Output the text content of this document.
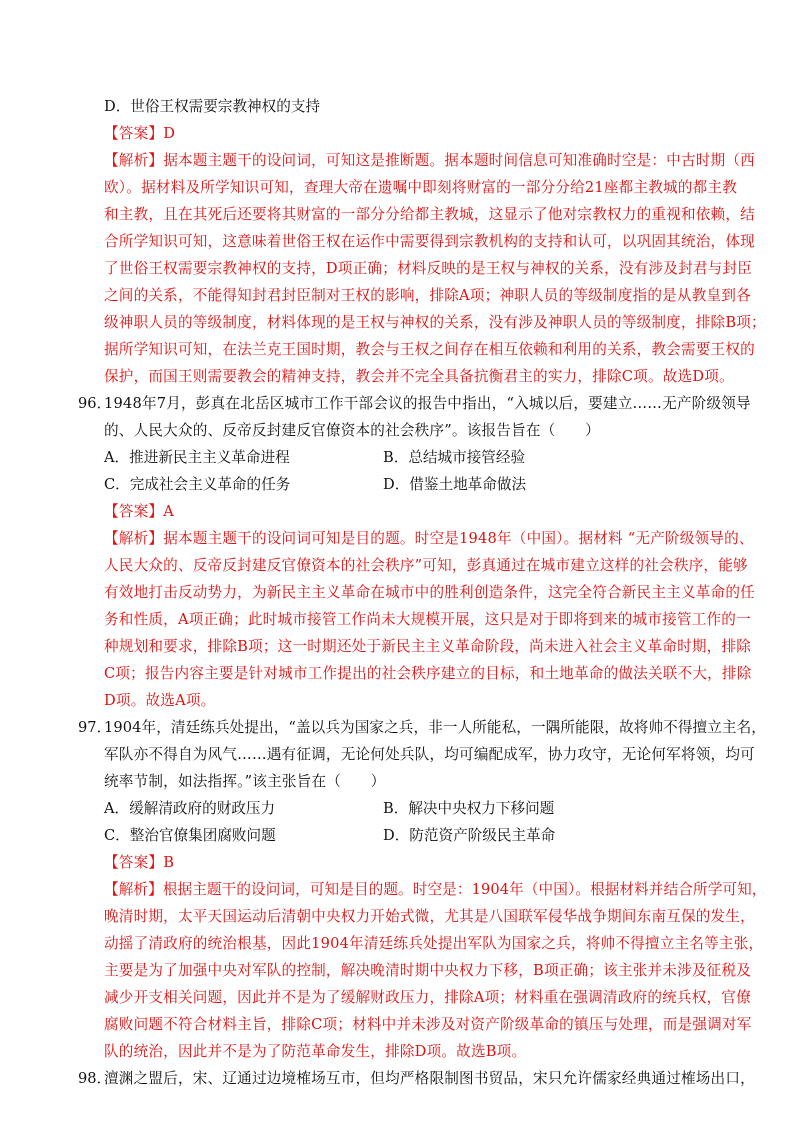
D．世俗王权需要宗教神权的支持
【答案】D
【解析】据本题主题干的设问词，可知这是推断题。据本题时间信息可知准确时空是：中古时期（西
欧）。据材料及所学知识可知，查理大帝在遗嘱中即刻将财富的一部分分给21座都主教城的都主教
和主教，且在其死后还要将其财富的一部分分给都主教城，这显示了他对宗教权力的重视和依赖，结
合所学知识可知，这意味着世俗王权在运作中需要得到宗教机构的支持和认可，以巩固其统治，体现
了世俗王权需要宗教神权的支持，D项正确；材料反映的是王权与神权的关系，没有涉及封君与封臣
之间的关系，不能得知封君封臣制对王权的影响，排除A项；神职人员的等级制度指的是从教皇到各
级神职人员的等级制度，材料体现的是王权与神权的关系，没有涉及神职人员的等级制度，排除B项；
据所学知识可知，在法兰克王国时期，教会与王权之间存在相互依赖和利用的关系，教会需要王权的
保护，而国王则需要教会的精神支持，教会并不完全具备抗衡君主的实力，排除C项。故选D项。
96．
1948年7月，彭真在北岳区城市工作干部会议的报告中指出，“入城以后，要建立……无产阶级领导
的、人民大众的、反帝反封建反官僚资本的社会秩序”。该报告旨在（　　）
A．推进新民主主义革命进程	B．总结城市接管经验
C．完成社会主义革命的任务	D．借鉴土地革命做法
【答案】A
【解析】据本题主题干的设问词可知是目的题。时空是1948年（中国）。据材料 “无产阶级领导的、
人民大众的、反帝反封建反官僚资本的社会秩序”可知，彭真通过在城市建立这样的社会秩序，能够
有效地打击反动势力，为新民主主义革命在城市中的胜利创造条件，这完全符合新民主主义革命的任
务和性质，A项正确；此时城市接管工作尚未大规模开展，这只是对于即将到来的城市接管工作的一
种规划和要求，排除B项；这一时期还处于新民主主义革命阶段，尚未进入社会主义革命时期，排除
C项；报告内容主要是针对城市工作提出的社会秩序建立的目标，和土地革命的做法关联不大，排除
D项。故选A项。
97．
1904年，清廷练兵处提出，“盖以兵为国家之兵，非一人所能私，一隅所能限，故将帅不得擅立主名，
军队亦不得自为风气……遇有征调，无论何处兵队，均可编配成军，协力攻守，无论何军将领，均可
统率节制，如法指挥。”该主张旨在（　　）
A．缓解清政府的财政压力	B．解决中央权力下移问题
C．整治官僚集团腐败问题	D．防范资产阶级民主革命
【答案】B
【解析】根据主题干的设问词，可知是目的题。时空是：1904年（中国）。根据材料并结合所学可知，
晚清时期，太平天国运动后清朝中央权力开始式微，尤其是八国联军侵华战争期间东南互保的发生，
动摇了清政府的统治根基，因此1904年清廷练兵处提出军队为国家之兵，将帅不得擅立主名等主张，
主要是为了加强中央对军队的控制，解决晚清时期中央权力下移，B项正确；该主张并未涉及征税及
减少开支相关问题，因此并不是为了缓解财政压力，排除A项；材料重在强调清政府的统兵权，官僚
腐败问题不符合材料主旨，排除C项；材料中并未涉及对资产阶级革命的镇压与处理，而是强调对军
队的统治，因此并不是为了防范革命发生，排除D项。故选B项。
98．
澶渊之盟后，宋、辽通过边境榷场互市，但均严格限制图书贸品，宋只允许儒家经典通过榷场出口，
